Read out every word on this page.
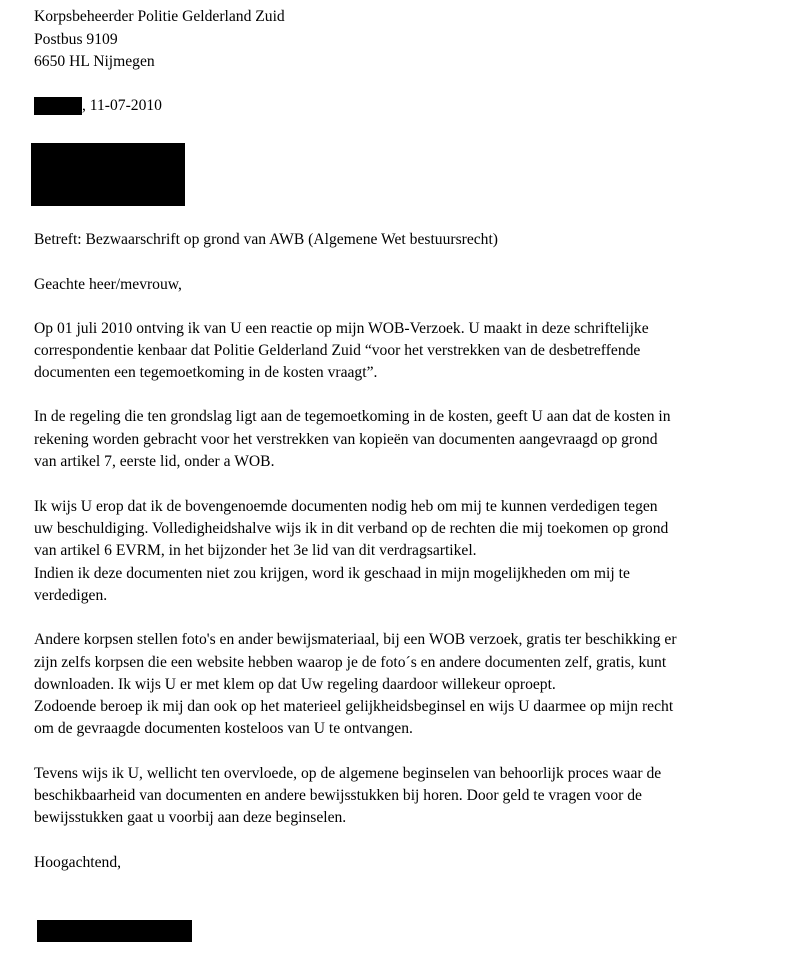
Korpsbeheerder Politie Gelderland Zuid
Postbus 9109
6650 HL Nijmegen
, 11-07-2010
Betreft: Bezwaarschrift op grond van AWB (Algemene Wet bestuursrecht)
Geachte heer/mevrouw,
Op 01 juli 2010 ontving ik van U een reactie op mijn WOB-Verzoek. U maakt in deze schriftelijke
correspondentie kenbaar dat Politie Gelderland Zuid “voor het verstrekken van de desbetreffende
documenten een tegemoetkoming in de kosten vraagt”.
In de regeling die ten grondslag ligt aan de tegemoetkoming in de kosten, geeft U aan dat de kosten in
rekening worden gebracht voor het verstrekken van kopieën van documenten aangevraagd op grond
van artikel 7, eerste lid, onder a WOB.
Ik wijs U erop dat ik de bovengenoemde documenten nodig heb om mij te kunnen verdedigen tegen
uw beschuldiging. Volledigheidshalve wijs ik in dit verband op de rechten die mij toekomen op grond
van artikel 6 EVRM, in het bijzonder het 3e lid van dit verdragsartikel.
Indien ik deze documenten niet zou krijgen, word ik geschaad in mijn mogelijkheden om mij te
verdedigen.
Andere korpsen stellen foto's en ander bewijsmateriaal, bij een WOB verzoek, gratis ter beschikking er
zijn zelfs korpsen die een website hebben waarop je de foto´s en andere documenten zelf, gratis, kunt
downloaden. Ik wijs U er met klem op dat Uw regeling daardoor willekeur oproept.
Zodoende beroep ik mij dan ook op het materieel gelijkheidsbeginsel en wijs U daarmee op mijn recht
om de gevraagde documenten kosteloos van U te ontvangen.
Tevens wijs ik U, wellicht ten overvloede, op de algemene beginselen van behoorlijk proces waar de
beschikbaarheid van documenten en andere bewijsstukken bij horen. Door geld te vragen voor de
bewijsstukken gaat u voorbij aan deze beginselen.
Hoogachtend,
